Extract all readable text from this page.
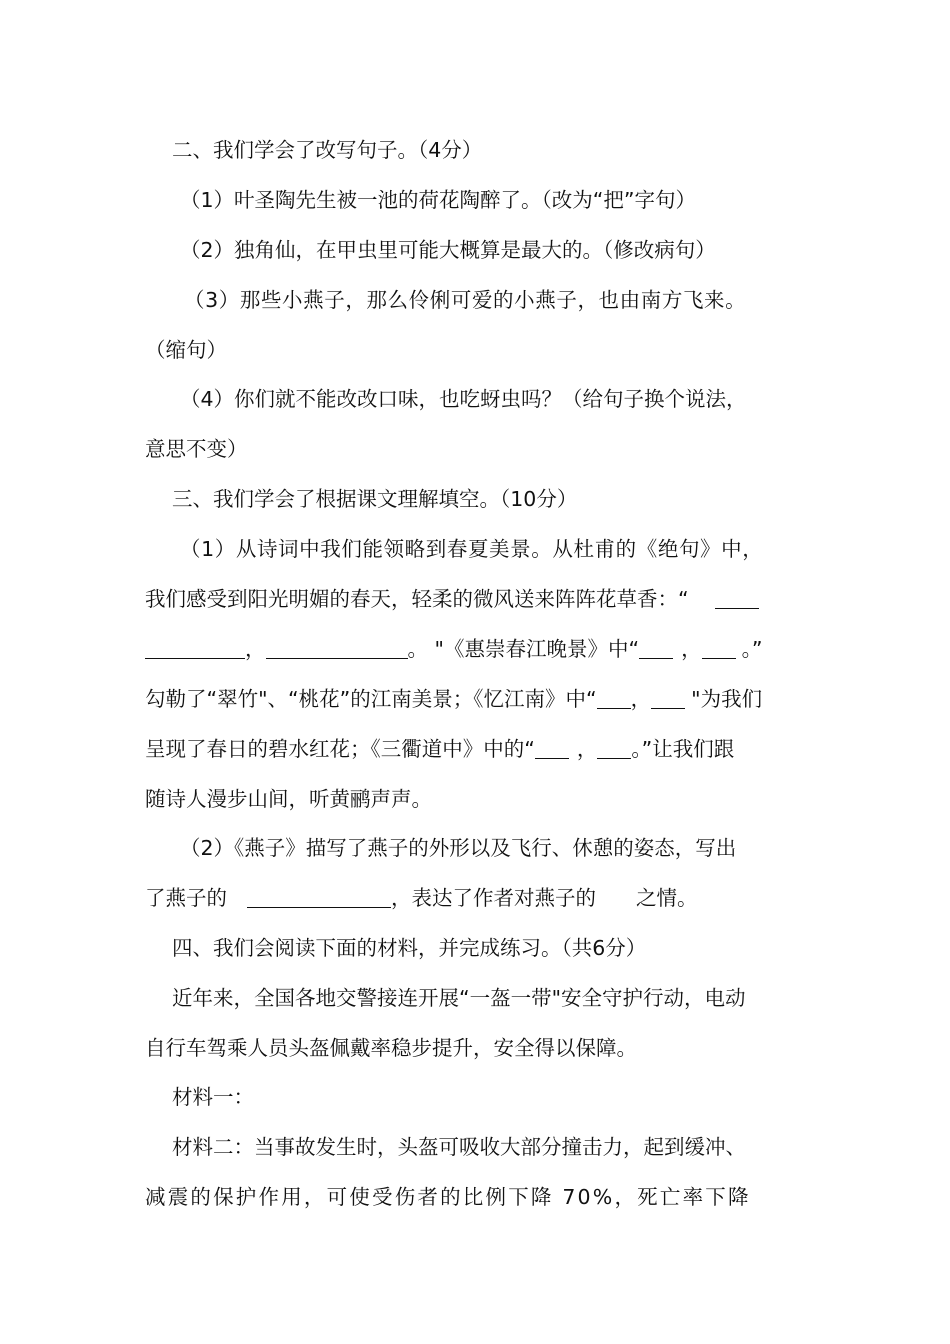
二、我们学会了改写句子。（4分）
（1）叶圣陶先生被一池的荷花陶醉了。（改为“把”字句）
（2）独角仙，在甲虫里可能大概算是最大的。（修改病句）
（3）那些小燕子，那么伶俐可爱的小燕子，也由南方飞来。
（缩句）
（4）你们就不能改改口味，也吃蚜虫吗？（给句子换个说法，
意思不变）
三、我们学会了根据课文理解填空。（10分）
（1）从诗词中我们能领略到春夏美景。从杜甫的《绝句》中，
我们感受到阳光明媚的春天，轻柔的微风送来阵阵花草香：“
，	。 "《惠崇春江晚景》中“ ， 。”
勾勒了“翠竹"、“桃花”的江南美景；《忆江南》中“ ， "为我们
呈现了春日的碧水红花；《三衢道中》中的“ ， 。”让我们跟
随诗人漫步山间，听黄鹂声声。
（2）《燕子》描写了燕子的外形以及飞行、休憩的姿态，写出
了燕子的	，表达了作者对燕子的 之情。
四、我们会阅读下面的材料，并完成练习。（共6分）
近年来，全国各地交警接连开展“一盔一带"安全守护行动，电动
自行车驾乘人员头盔佩戴率稳步提升，安全得以保障。
材料一：
材料二：当事故发生时，头盔可吸收大部分撞击力，起到缓冲、
减震的保护作用，可使受伤者的比例下降 70%，死亡率下降
